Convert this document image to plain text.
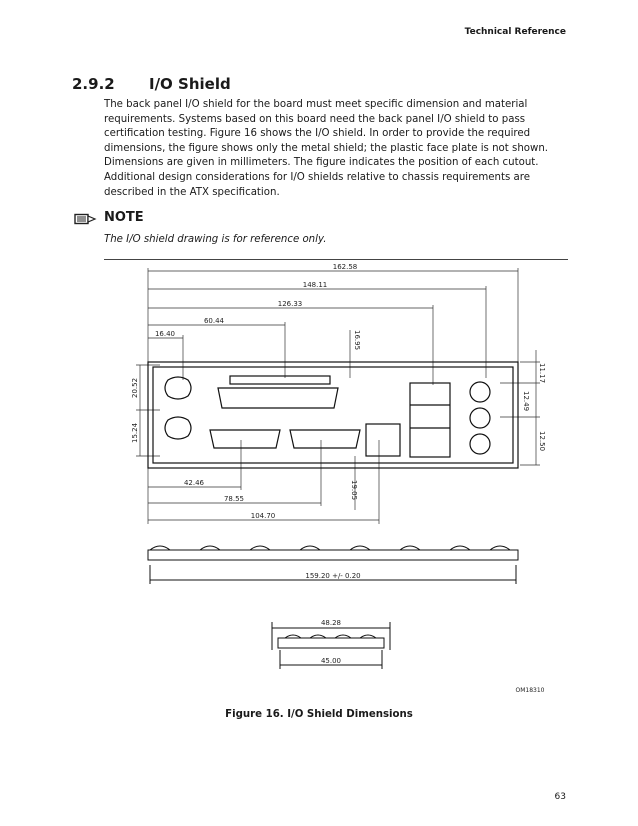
Technical Reference
2.9.2 I/O Shield
The back panel I/O shield for the board must meet specific dimension and material requirements. Systems based on this board need the back panel I/O shield to pass certification testing. Figure 16 shows the I/O shield. In order to provide the required dimensions, the figure shows only the metal shield; the plastic face plate is not shown. Dimensions are given in millimeters. The figure indicates the position of each cutout. Additional design considerations for I/O shields relative to chassis requirements are described in the ATX specification.
NOTE
The I/O shield drawing is for reference only.
162.58
148.11
126.33
60.44
16.40	16.95
20.52
15.24
11.17
12.49
12.50
42.46
78.55
104.70
19.05
159.20 +/- 0.20
48.28
45.00
OM18310
Figure 16. I/O Shield Dimensions
63
